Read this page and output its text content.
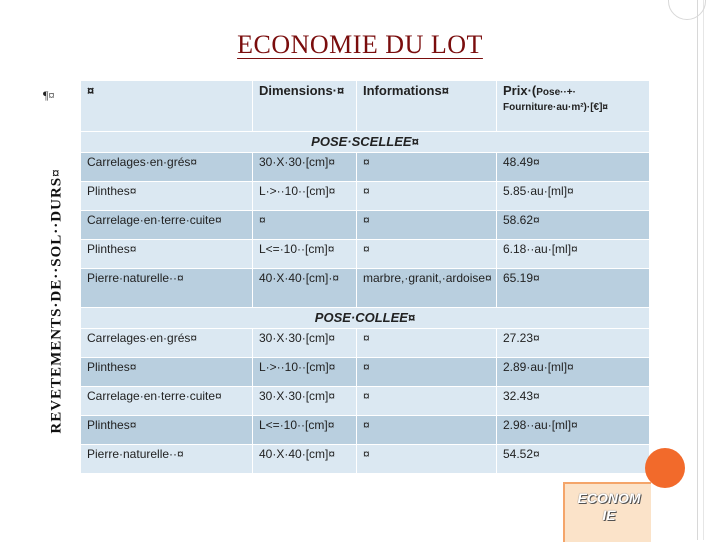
ECONOMIE DU LOT
¶¤
REVETEMENTS·DE··SOL··DURS¤
¤	Dimensions·¤	Informations¤	Prix·(Pose··+·
Fourniture·au·m²)·[€]¤
POSE·SCELLEE¤			
Carrelages·en·grés¤	30·X·30·[cm]¤	¤	48.49¤
Plinthes¤	L·>··10··[cm]¤	¤	5.85·au·[ml]¤
Carrelage·en·terre·cuite¤	¤	¤	58.62¤
Plinthes¤	L<=·10··[cm]¤	¤	6.18··au·[ml]¤
Pierre·naturelle··¤	40·X·40·[cm]·¤	marbre,·granit,·ardoise¤	65.19¤
POSE·COLLEE¤			
Carrelages·en·grés¤	30·X·30·[cm]¤	¤	27.23¤
Plinthes¤	L·>··10··[cm]¤	¤	2.89·au·[ml]¤
Carrelage·en·terre·cuite¤	30·X·30·[cm]¤	¤	32.43¤
Plinthes¤	L<=·10··[cm]¤	¤	2.98··au·[ml]¤
Pierre·naturelle··¤	40·X·40·[cm]¤	¤	54.52¤
ECONOM
IE
